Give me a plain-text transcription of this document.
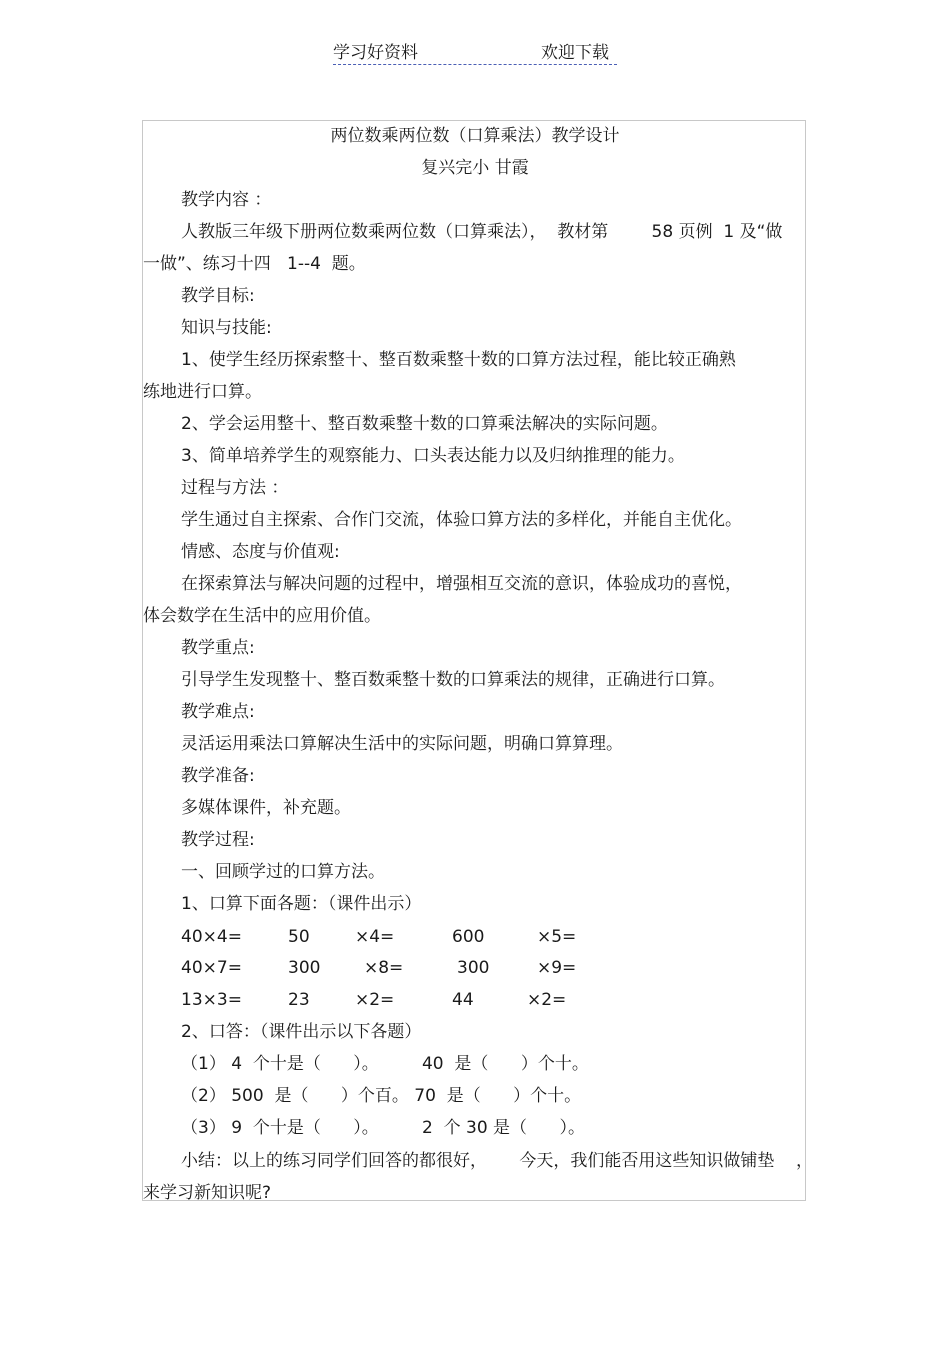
学习好资料	欢迎下载
两位数乘两位数（口算乘法）教学设计
复兴完小 甘霞
教学内容 ：
人教版三年级下册两位数乘两位数（口算乘法），  教材第        58 页例  1 及“做
一做”、练习十四   1--4  题。
教学目标:
知识与技能:
1、使学生经历探索整十、整百数乘整十数的口算方法过程，能比较正确熟
练地进行口算。
2、学会运用整十、整百数乘整十数的口算乘法解决的实际问题。
3、简单培养学生的观察能力、口头表达能力以及归纳推理的能力。
过程与方法 ：
学生通过自主探索、合作门交流，体验口算方法的多样化，并能自主优化。
情感、态度与价值观:
在探索算法与解决问题的过程中，增强相互交流的意识，体验成功的喜悦，
体会数学在生活中的应用价值。
教学重点:
引导学生发现整十、整百数乘整十数的口算乘法的规律，正确进行口算。
教学难点:
灵活运用乘法口算解决生活中的实际问题，明确口算算理。
教学准备:
多媒体课件，补充题。
教学过程:
一、回顾学过的口算方法。
1、口算下面各题：（课件出示）
40×4=	50	×4=	600	×5=
40×7=	300	×8=	300	×9=
13×3=	23	×2=	44	×2=
2、口答：（课件出示以下各题）
（1） 4  个十是（      ）。        40  是（      ）个十。
（2） 500  是（      ）个百。 70  是（      ）个十。
（3） 9  个十是（      ）。        2  个 30 是（      ）。
小结：以上的练习同学们回答的都很好，      今天，我们能否用这些知识做铺垫    ，
来学习新知识呢?
